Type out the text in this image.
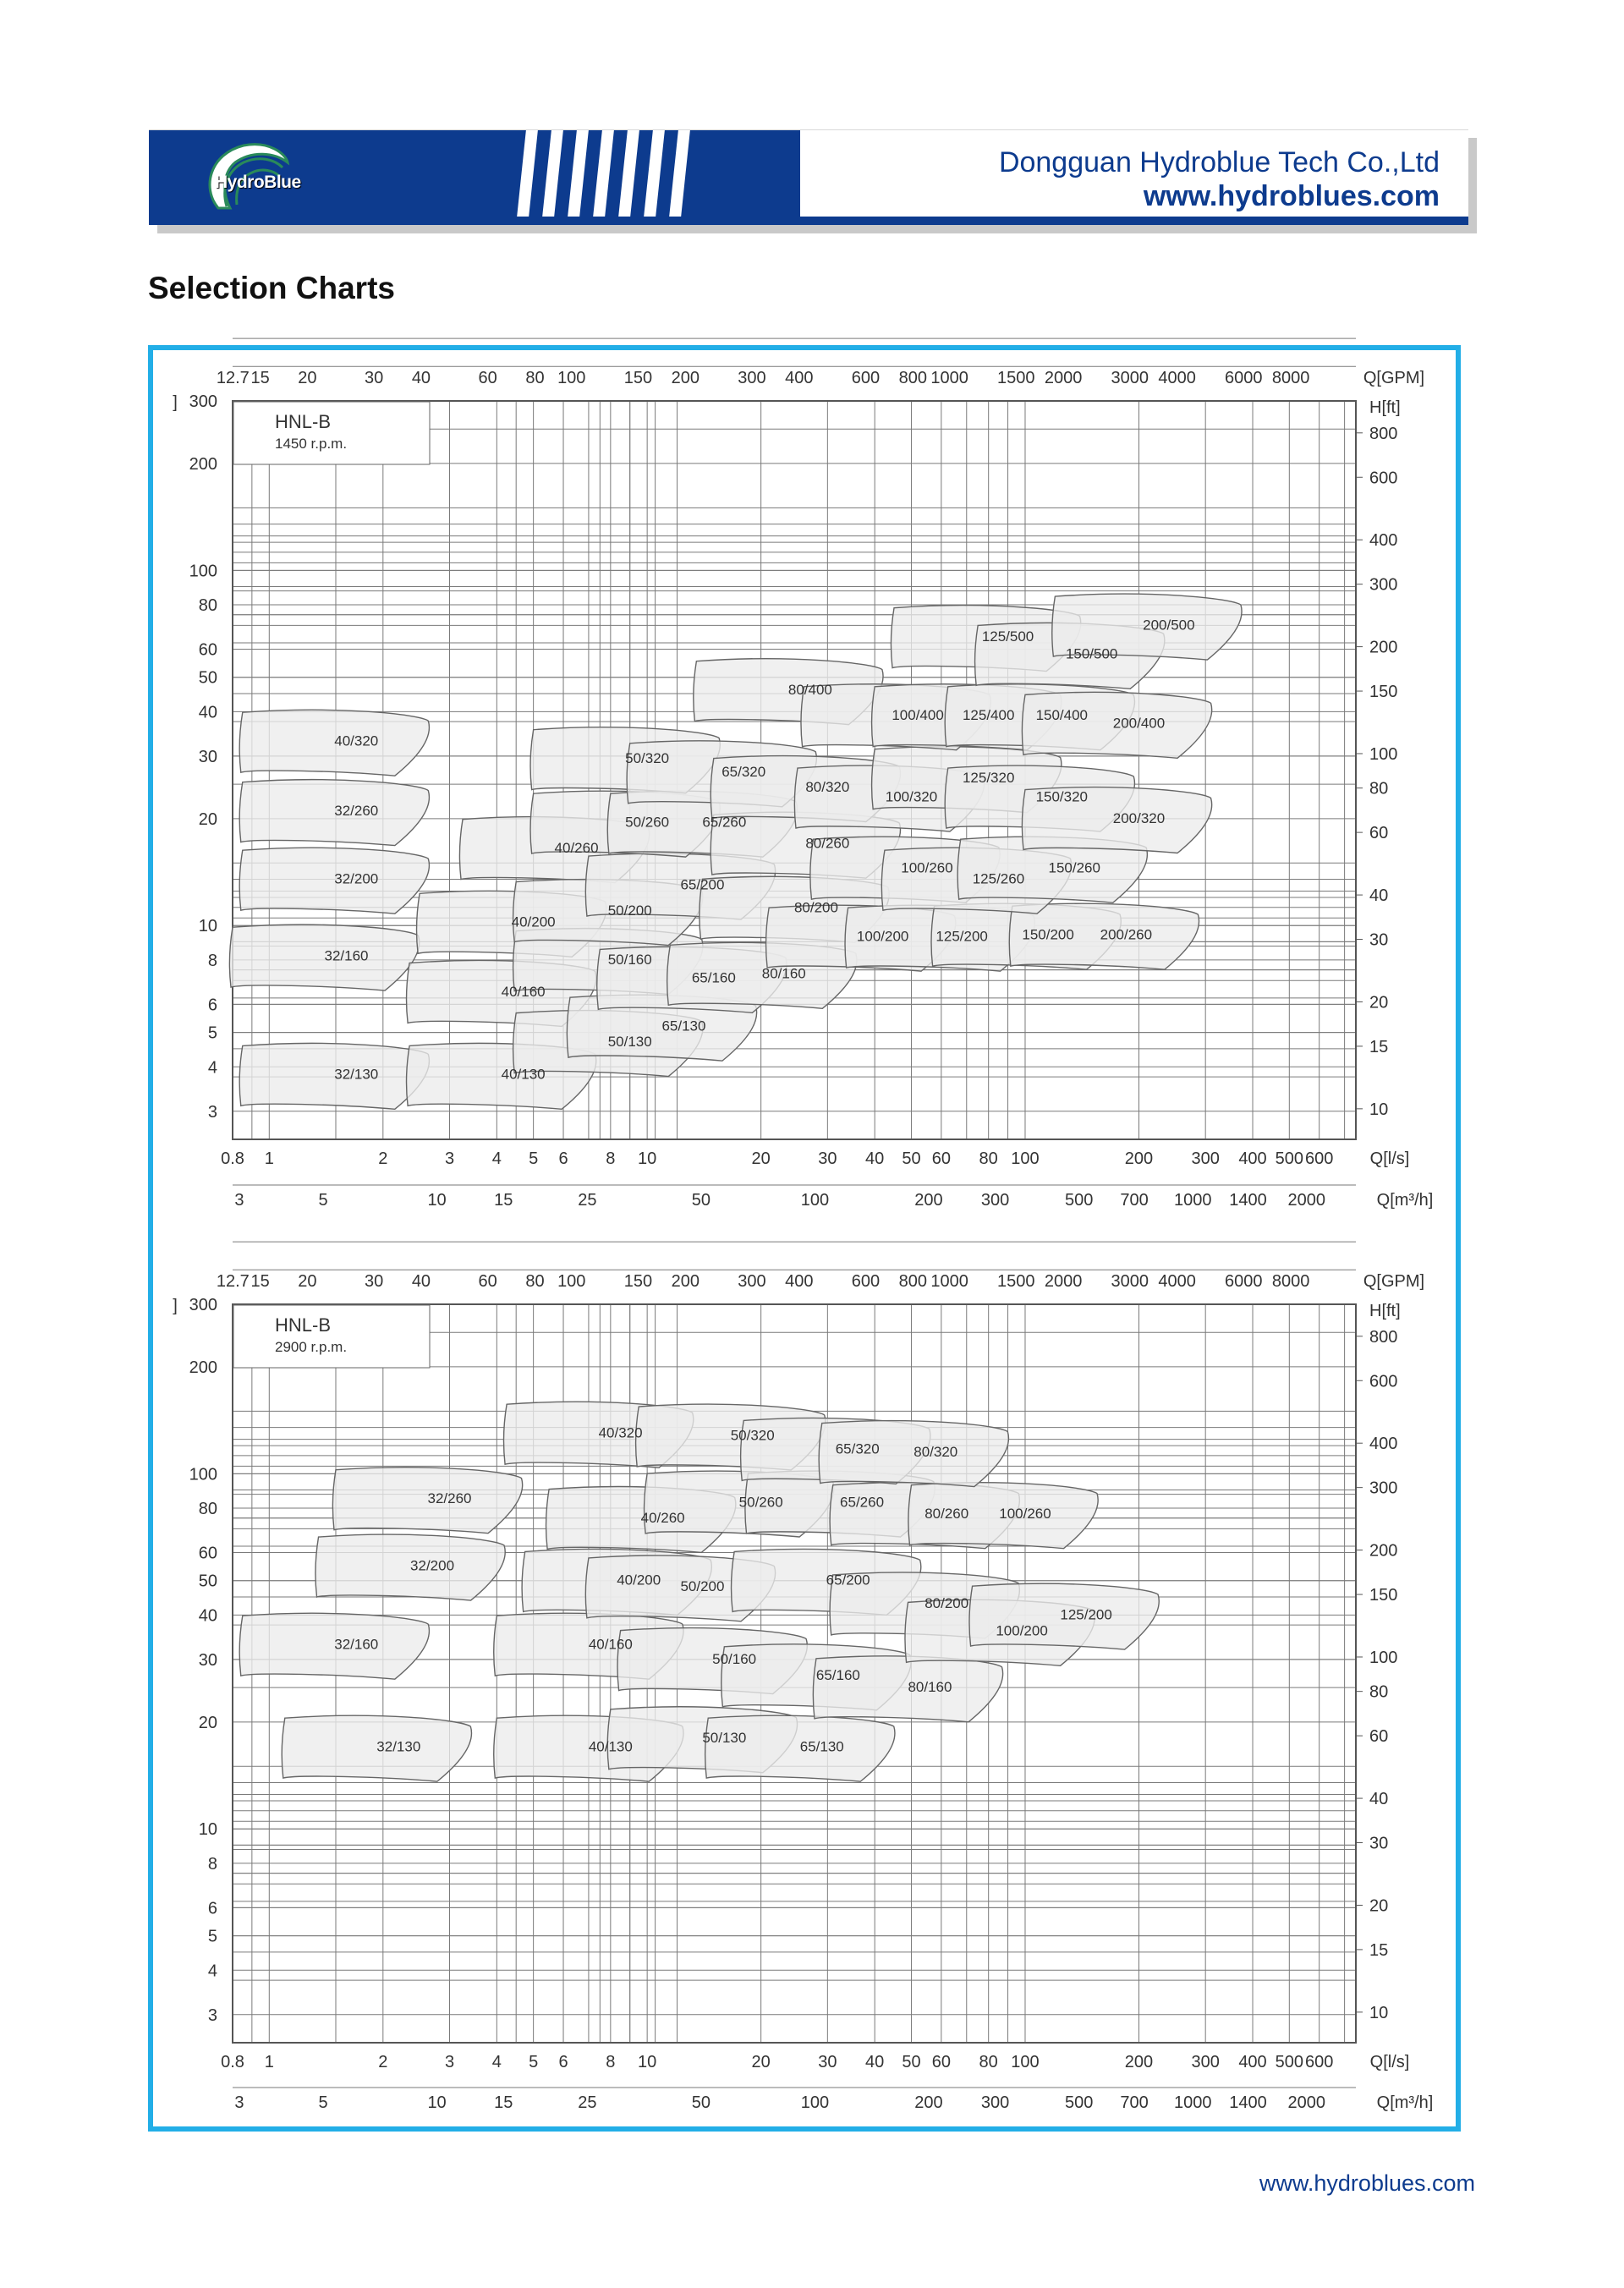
HydroBlue
Dongguan Hydroblue Tech Co.,Ltd
www.hydroblues.com
Selection Charts
32/130	40/130
32/160
40/160
32/200
40/200
32/260
40/260
40/320
50/130
65/130
50/160
65/160 80/160
50/200
65/200
80/200
100/200 125/200 150/200 200/260
50/260 65/260
80/260
100/260
125/260
150/260
50/320
65/320
80/320
100/320
125/320
150/320
200/320
80/400
100/400 125/400 150/400
200/400
125/500
150/500
200/500
HNL-B
1450 r.p.m.
12.7 15 20	30 40	60 80 100 150 200 300 400 600 800 1000 1500 2000 3000 4000 6000 8000	Q[GPM]
0.8 1	2	3 4 5 6 8 10	20	30 40 50 60 80 100	200 300 400 500 600 Q[l/s]
3	5	10	15	25	50	100	200 300	500 700 1000 1400 2000	Q[m³/h]
3
4
5
6
8
10
20
30
40
50
60
80
100
200
300
]
10
15
20
30
40
60
80
100
150
200
300
400
600
800
H[ft]
32/130	40/130
50/130
65/130
32/160	40/160
50/160
65/160
80/160
32/200
40/200 50/200	65/200
80/200
100/200
125/200
32/260
40/260
50/260	65/260
80/260 100/260
40/320	50/320
65/320 80/320
HNL-B
2900 r.p.m.
12.7 15 20	30 40	60 80 100 150 200 300 400 600 800 1000 1500 2000 3000 4000 6000 8000	Q[GPM]
0.8 1	2	3 4 5 6 8 10	20	30 40 50 60 80 100	200 300 400 500 600 Q[l/s]
3	5	10	15	25	50	100	200 300	500 700 1000 1400 2000	Q[m³/h]
3
4
5
6
8
10
20
30
40
50
60
80
100
200
300
]
10
15
20
30
40
60
80
100
150
200
300
400
600
800
H[ft]
www.hydroblues.com
